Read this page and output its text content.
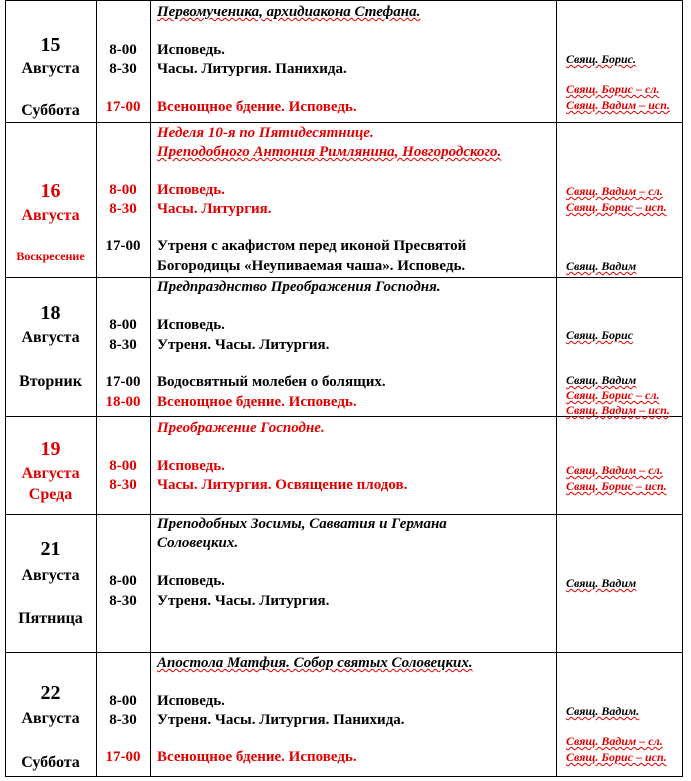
15
Августа
Суббота
8-00
8-30
17-00
Первомученика, архидиакона Стефана.
Исповедь.
Часы. Литургия. Панихида.
Всенощное бдение. Исповедь.
Свящ. Борис.
Свящ. Борис – сл.
Свящ. Вадим – исп.
16
Августа
Воскресение
8-00
8-30
17-00
Неделя 10-я по Пятидесятнице.
Преподобного Антония Римлянина, Новгородского.
Исповедь.
Часы. Литургия.
Утреня с акафистом перед иконой Пресвятой
Богородицы «Неупиваемая чаша». Исповедь.
Свящ. Вадим – сл.
Свящ. Борис – исп.
Свящ. Вадим
18
Августа
Вторник
8-00
8-30
17-00
18-00
Предпразднство Преображения Господня.
Исповедь.
Утреня. Часы. Литургия.
Водосвятный молебен о болящих.
Всенощное бдение. Исповедь.
Свящ. Борис
Свящ. Вадим
Свящ. Борис – сл.
Свящ. Вадим – исп.
19
Августа
Среда
8-00
8-30
Преображение Господне.
Исповедь.
Часы. Литургия. Освящение плодов.
Свящ. Вадим – сл.
Свящ. Борис – исп.
21
Августа
Пятница
8-00
8-30
Преподобных Зосимы, Савватия и Германа
Соловецких.
Исповедь.
Утреня. Часы. Литургия.
Свящ. Вадим
22
Августа
Суббота
8-00
8-30
17-00
Апостола Матфия. Собор святых Соловецких.
Исповедь.
Утреня. Часы. Литургия. Панихида.
Всенощное бдение. Исповедь.
Свящ. Вадим.
Свящ. Вадим – сл.
Свящ. Борис – исп.
